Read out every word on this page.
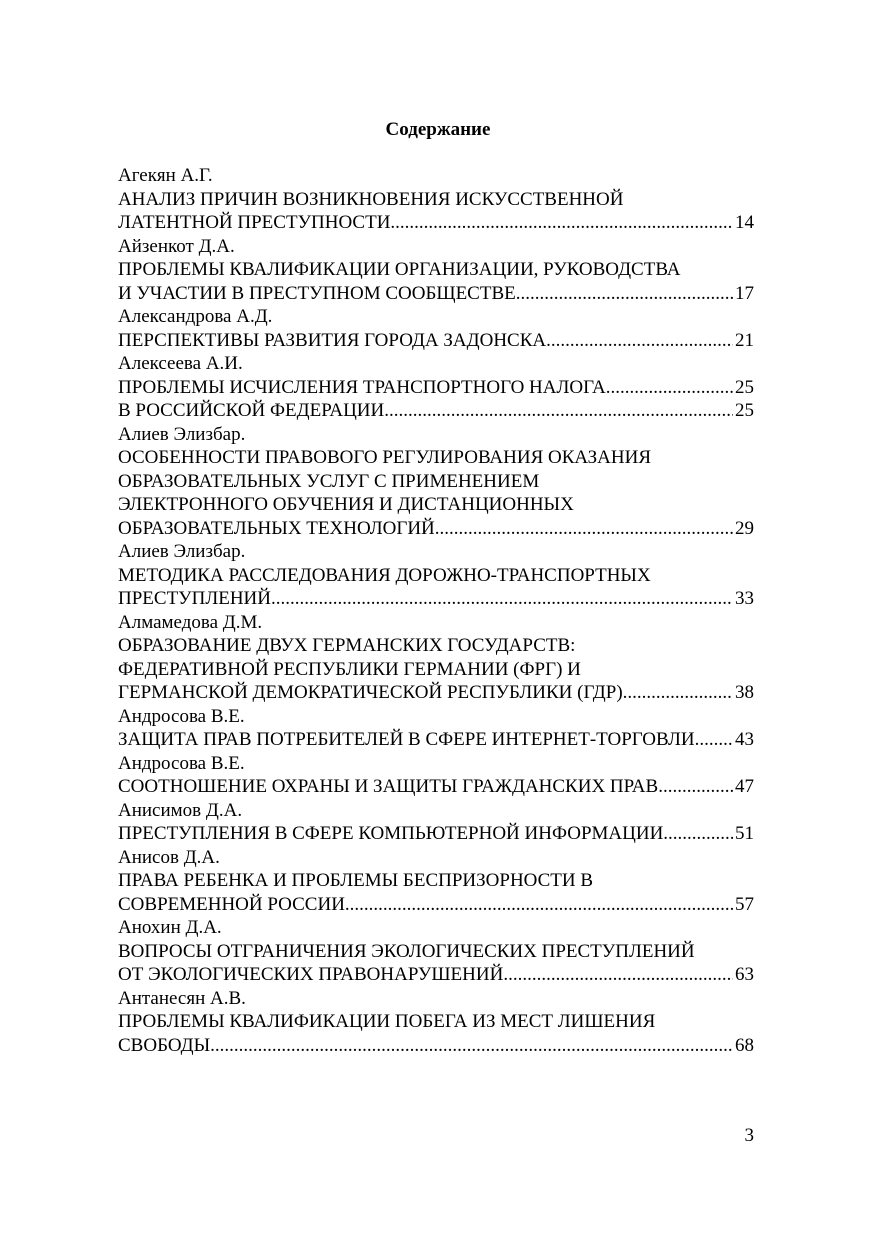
Содержание
Агекян А.Г.
АНАЛИЗ ПРИЧИН ВОЗНИКНОВЕНИЯ ИСКУССТВЕННОЙ
ЛАТЕНТНОЙ ПРЕСТУПНОСТИ .....	14
Айзенкот Д.А.
ПРОБЛЕМЫ КВАЛИФИКАЦИИ ОРГАНИЗАЦИИ, РУКОВОДСТВА
И УЧАСТИИ В ПРЕСТУПНОМ СООБЩЕСТВЕ .....	17
Александрова А.Д.
ПЕРСПЕКТИВЫ РАЗВИТИЯ ГОРОДА ЗАДОНСКА .....	21
Алексеева А.И.
ПРОБЛЕМЫ ИСЧИСЛЕНИЯ ТРАНСПОРТНОГО НАЛОГА .....	25
В РОССИЙСКОЙ ФЕДЕРАЦИИ .....	25
Алиев Элизбар.
ОСОБЕННОСТИ ПРАВОВОГО РЕГУЛИРОВАНИЯ ОКАЗАНИЯ
ОБРАЗОВАТЕЛЬНЫХ УСЛУГ С ПРИМЕНЕНИЕМ
ЭЛЕКТРОННОГО ОБУЧЕНИЯ И ДИСТАНЦИОННЫХ
ОБРАЗОВАТЕЛЬНЫХ ТЕХНОЛОГИЙ .....	29
Алиев Элизбар.
МЕТОДИКА РАССЛЕДОВАНИЯ ДОРОЖНО-ТРАНСПОРТНЫХ
ПРЕСТУПЛЕНИЙ .....	33
Алмамедова Д.М.
ОБРАЗОВАНИЕ ДВУХ ГЕРМАНСКИХ ГОСУДАРСТВ:
ФЕДЕРАТИВНОЙ РЕСПУБЛИКИ ГЕРМАНИИ (ФРГ) И
ГЕРМАНСКОЙ ДЕМОКРАТИЧЕСКОЙ РЕСПУБЛИКИ (ГДР) .....	38
Андросова В.Е.
ЗАЩИТА ПРАВ ПОТРЕБИТЕЛЕЙ В СФЕРЕ ИНТЕРНЕТ-ТОРГОВЛИ. ..... 43
Андросова В.Е.
СООТНОШЕНИЕ ОХРАНЫ И ЗАЩИТЫ ГРАЖДАНСКИХ ПРАВ .....	47
Анисимов Д.А.
ПРЕСТУПЛЕНИЯ В СФЕРЕ КОМПЬЮТЕРНОЙ ИНФОРМАЦИИ .....	51
Анисов Д.А.
ПРАВА РЕБЕНКА И ПРОБЛЕМЫ БЕСПРИЗОРНОСТИ В
СОВРЕМЕННОЙ РОССИИ .....	57
Анохин Д.А.
ВОПРОСЫ ОТГРАНИЧЕНИЯ ЭКОЛОГИЧЕСКИХ ПРЕСТУПЛЕНИЙ
ОТ ЭКОЛОГИЧЕСКИХ ПРАВОНАРУШЕНИЙ .....	63
Антанесян А.В.
ПРОБЛЕМЫ КВАЛИФИКАЦИИ ПОБЕГА ИЗ МЕСТ ЛИШЕНИЯ
СВОБОДЫ .....	68
3
